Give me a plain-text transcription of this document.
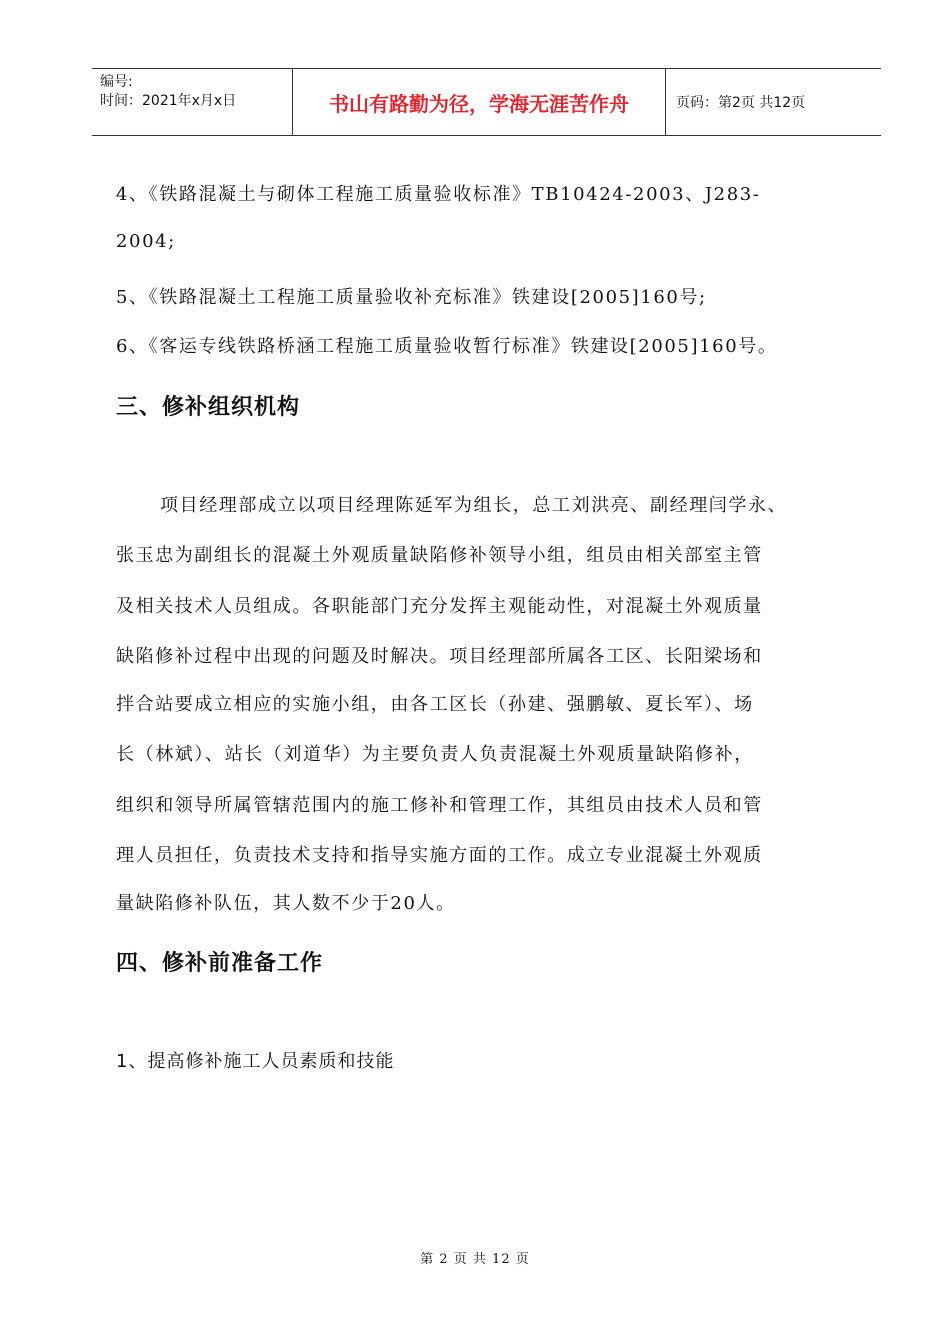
编号:
时间：2021年x月x日	书山有路勤为径，学海无涯苦作舟	页码：第2页 共12页
4、《铁路混凝土与砌体工程施工质量验收标准》TB10424-2003、J283-
2004;
5、《铁路混凝土工程施工质量验收补充标准》铁建设[2005]160号;
6、《客运专线铁路桥涵工程施工质量验收暂行标准》铁建设[2005]160号。
三、修补组织机构
项目经理部成立以项目经理陈延军为组长，总工刘洪亮、副经理闫学永、
张玉忠为副组长的混凝土外观质量缺陷修补领导小组，组员由相关部室主管
及相关技术人员组成。各职能部门充分发挥主观能动性，对混凝土外观质量
缺陷修补过程中出现的问题及时解决。项目经理部所属各工区、长阳梁场和
拌合站要成立相应的实施小组，由各工区长（孙建、强鹏敏、夏长军）、场
长（林斌）、站长（刘道华）为主要负责人负责混凝土外观质量缺陷修补，
组织和领导所属管辖范围内的施工修补和管理工作，其组员由技术人员和管
理人员担任，负责技术支持和指导实施方面的工作。成立专业混凝土外观质
量缺陷修补队伍，其人数不少于20人。
四、修补前准备工作
1、提高修补施工人员素质和技能
第 2 页 共 12 页
